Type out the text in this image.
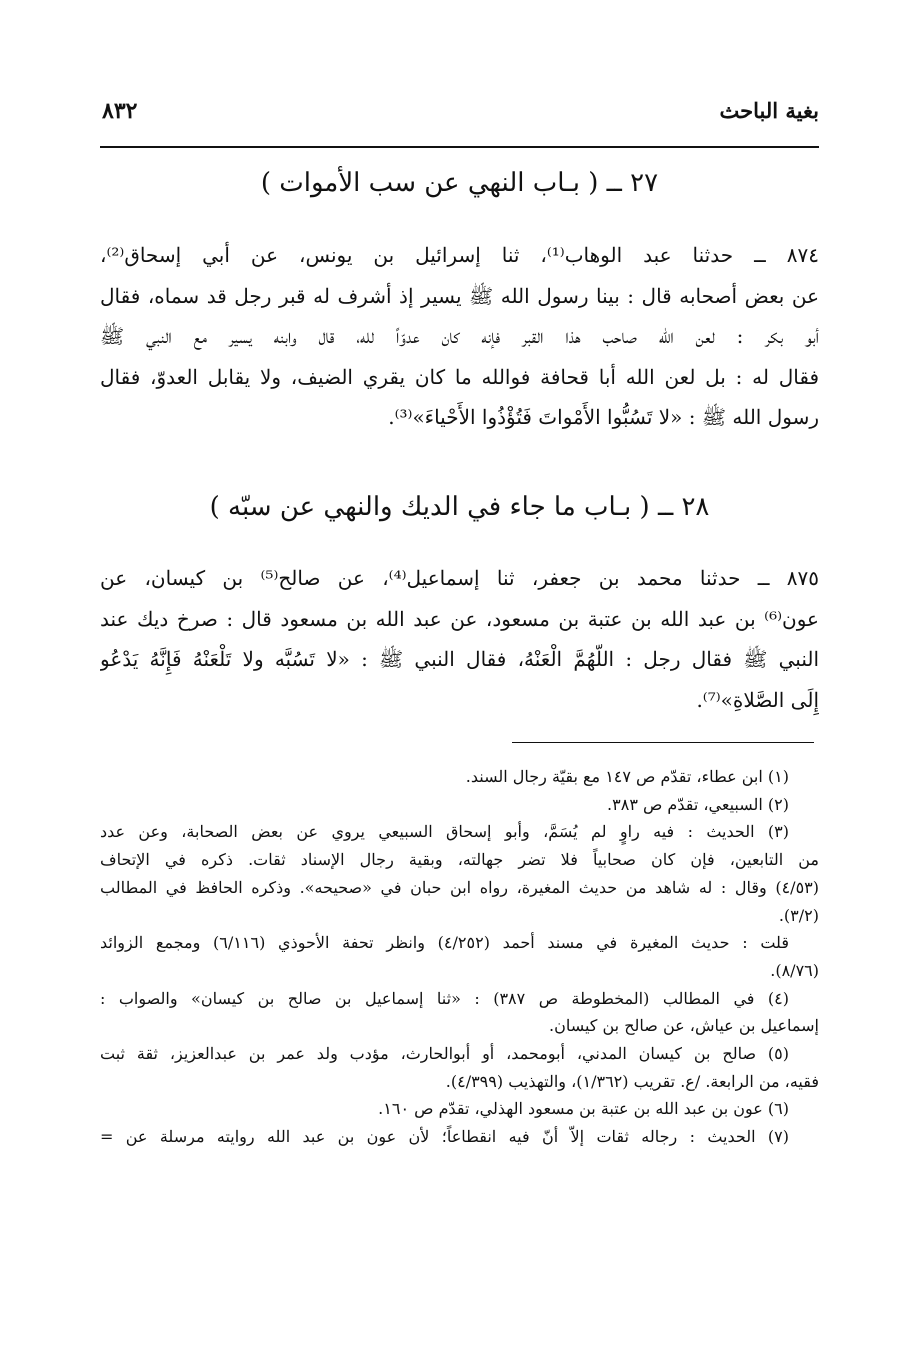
بغية الباحث
٨٣٢
٢٧ ــ ( بـاب النهي عن سب الأموات )
٨٧٤ ــ حدثنا عبد الوهاب⁽¹⁾، ثنا إسرائيل بن يونس، عن أبي إسحاق⁽²⁾،
عن بعض أصحابه قال : بينا رسول الله ﷺ يسير إذ أشرف له قبر رجل قد سماه، فقال
أبو بكر : لعن الله صاحب هذا القبر فإنه كان عدوّاً لله، قال وابنه يسير مع النبي ﷺ
فقال له : بل لعن الله أبا قحافة فوالله ما كان يقري الضيف، ولا يقابل العدوّ، فقال
رسول الله ﷺ : «لا تَسُبُّوا الأَمْواتَ فَتُؤْذُوا الأَحْياءَ»⁽³⁾.
٢٨ ــ ( بـاب ما جاء في الديك والنهي عن سبّه )
٨٧٥ ــ حدثنا محمد بن جعفر، ثنا إسماعيل⁽⁴⁾، عن صالح⁽⁵⁾ بن كيسان، عن
عون⁽⁶⁾ بن عبد الله بن عتبة بن مسعود، عن عبد الله بن مسعود قال : صرخ ديك عند
النبي ﷺ فقال رجل : اللّهُمَّ الْعَنْهُ، فقال النبي ﷺ : «لا تَسُبَّه ولا تَلْعَنْهُ فَإِنَّهُ يَدْعُو
إِلَى الصَّلاةِ»⁽⁷⁾.
(١) ابن عطاء، تقدّم ص ١٤٧ مع بقيّة رجال السند.
(٢) السبيعي، تقدّم ص ٣٨٣.
(٣) الحديث : فيه راوٍ لم يُسَمَّ، وأبو إسحاق السبيعي يروي عن بعض الصحابة، وعن عدد
من التابعين، فإن كان صحابياً فلا تضر جهالته، وبقية رجال الإسناد ثقات. ذكره في الإتحاف
(٤/٥٣) وقال : له شاهد من حديث المغيرة، رواه ابن حبان في «صحيحه». وذكره الحافظ في المطالب
(٣/٢).
قلت : حديث المغيرة في مسند أحمد (٤/٢٥٢) وانظر تحفة الأحوذي (٦/١١٦) ومجمع الزوائد
(٨/٧٦).
(٤) في المطالب (المخطوطة ص ٣٨٧) : «ثنا إسماعيل بن صالح بن كيسان» والصواب :
إسماعيل بن عياش، عن صالح بن كيسان.
(٥) صالح بن كيسان المدني، أبومحمد، أو أبوالحارث، مؤدب ولد عمر بن عبدالعزيز، ثقة ثبت
فقيه، من الرابعة. /ع. تقريب (١/٣٦٢)، والتهذيب (٤/٣٩٩).
(٦) عون بن عبد الله بن عتبة بن مسعود الهذلي، تقدّم ص ١٦٠.
(٧) الحديث : رجاله ثقات إلاّ أنّ فيه انقطاعاً؛ لأن عون بن عبد الله روايته مرسلة عن =
